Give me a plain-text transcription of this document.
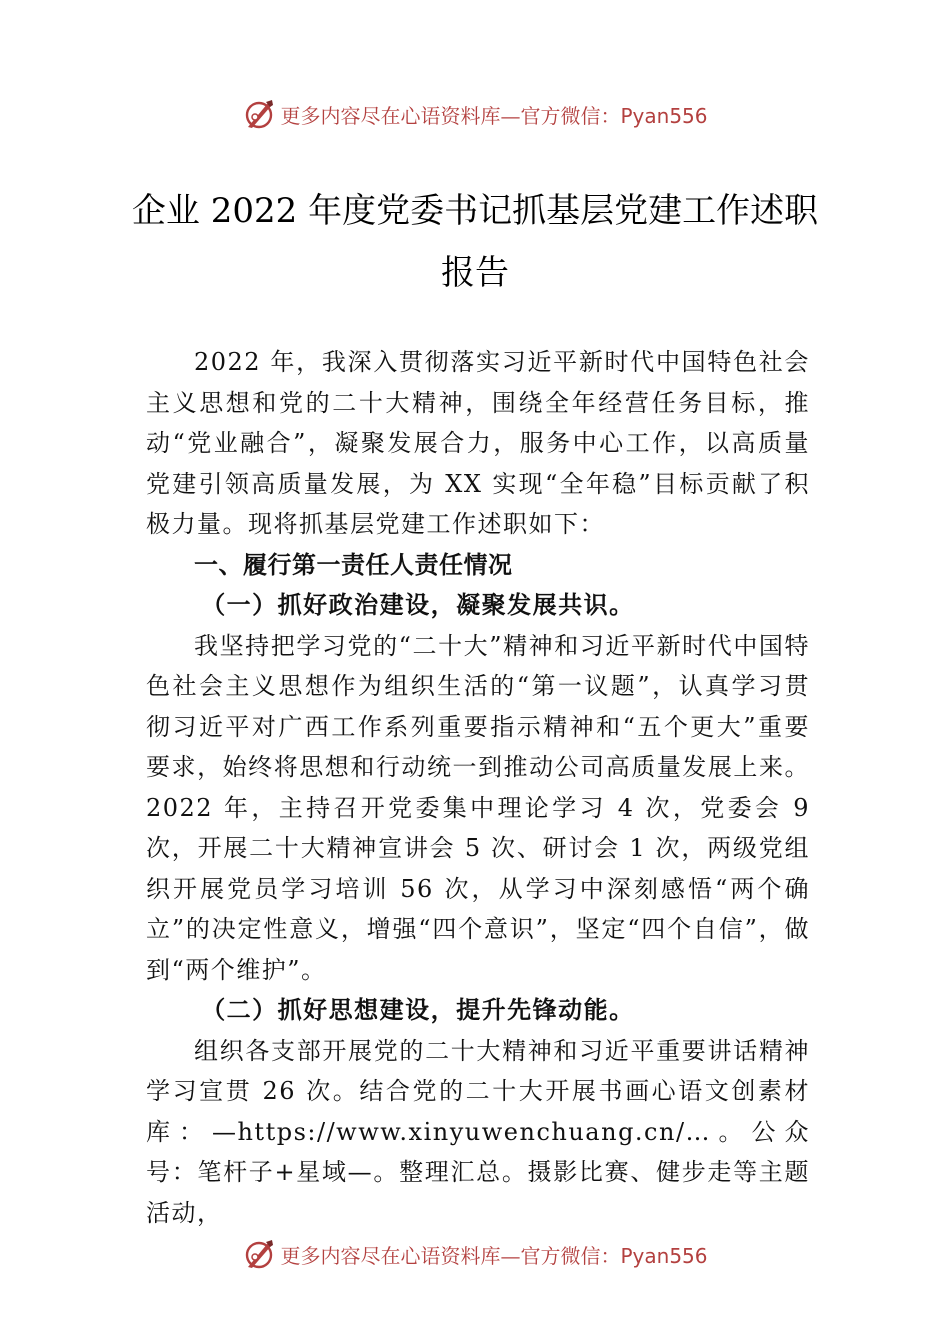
更多内容尽在心语资料库—官方微信：Pyan556
企业 2022 年度党委书记抓基层党建工作述职报告

2022 年，我深入贯彻落实习近平新时代中国特色社会主义思想和党的二十大精神，围绕全年经营任务目标，推动“党业融合”，凝聚发展合力，服务中心工作，以高质量党建引领高质量发展，为 XX 实现“全年稳”目标贡献了积极力量。现将抓基层党建工作述职如下：

一、履行第一责任人责任情况
（一）抓好政治建设，凝聚发展共识。

我坚持把学习党的“二十大”精神和习近平新时代中国特色社会主义思想作为组织生活的“第一议题”，认真学习贯彻习近平对广西工作系列重要指示精神和“五个更大”重要要求，始终将思想和行动统一到推动公司高质量发展上来。2022 年，主持召开党委集中理论学习 4 次，党委会 9 次，开展二十大精神宣讲会 5 次、研讨会 1 次，两级党组织开展党员学习培训 56 次，从学习中深刻感悟“两个确立”的决定性意义，增强“四个意识”，坚定“四个自信”，做到“两个维护”。

（二）抓好思想建设，提升先锋动能。

组织各支部开展党的二十大精神和习近平重要讲话精神学习宣贯 26 次。结合党的二十大开展书画心语文创素材库：—https://www.xinyuwenchuang.cn/…。公众号：笔杆子+星域—。整理汇总。摄影比赛、健步走等主题活动，

更多内容尽在心语资料库—官方微信：Pyan556
